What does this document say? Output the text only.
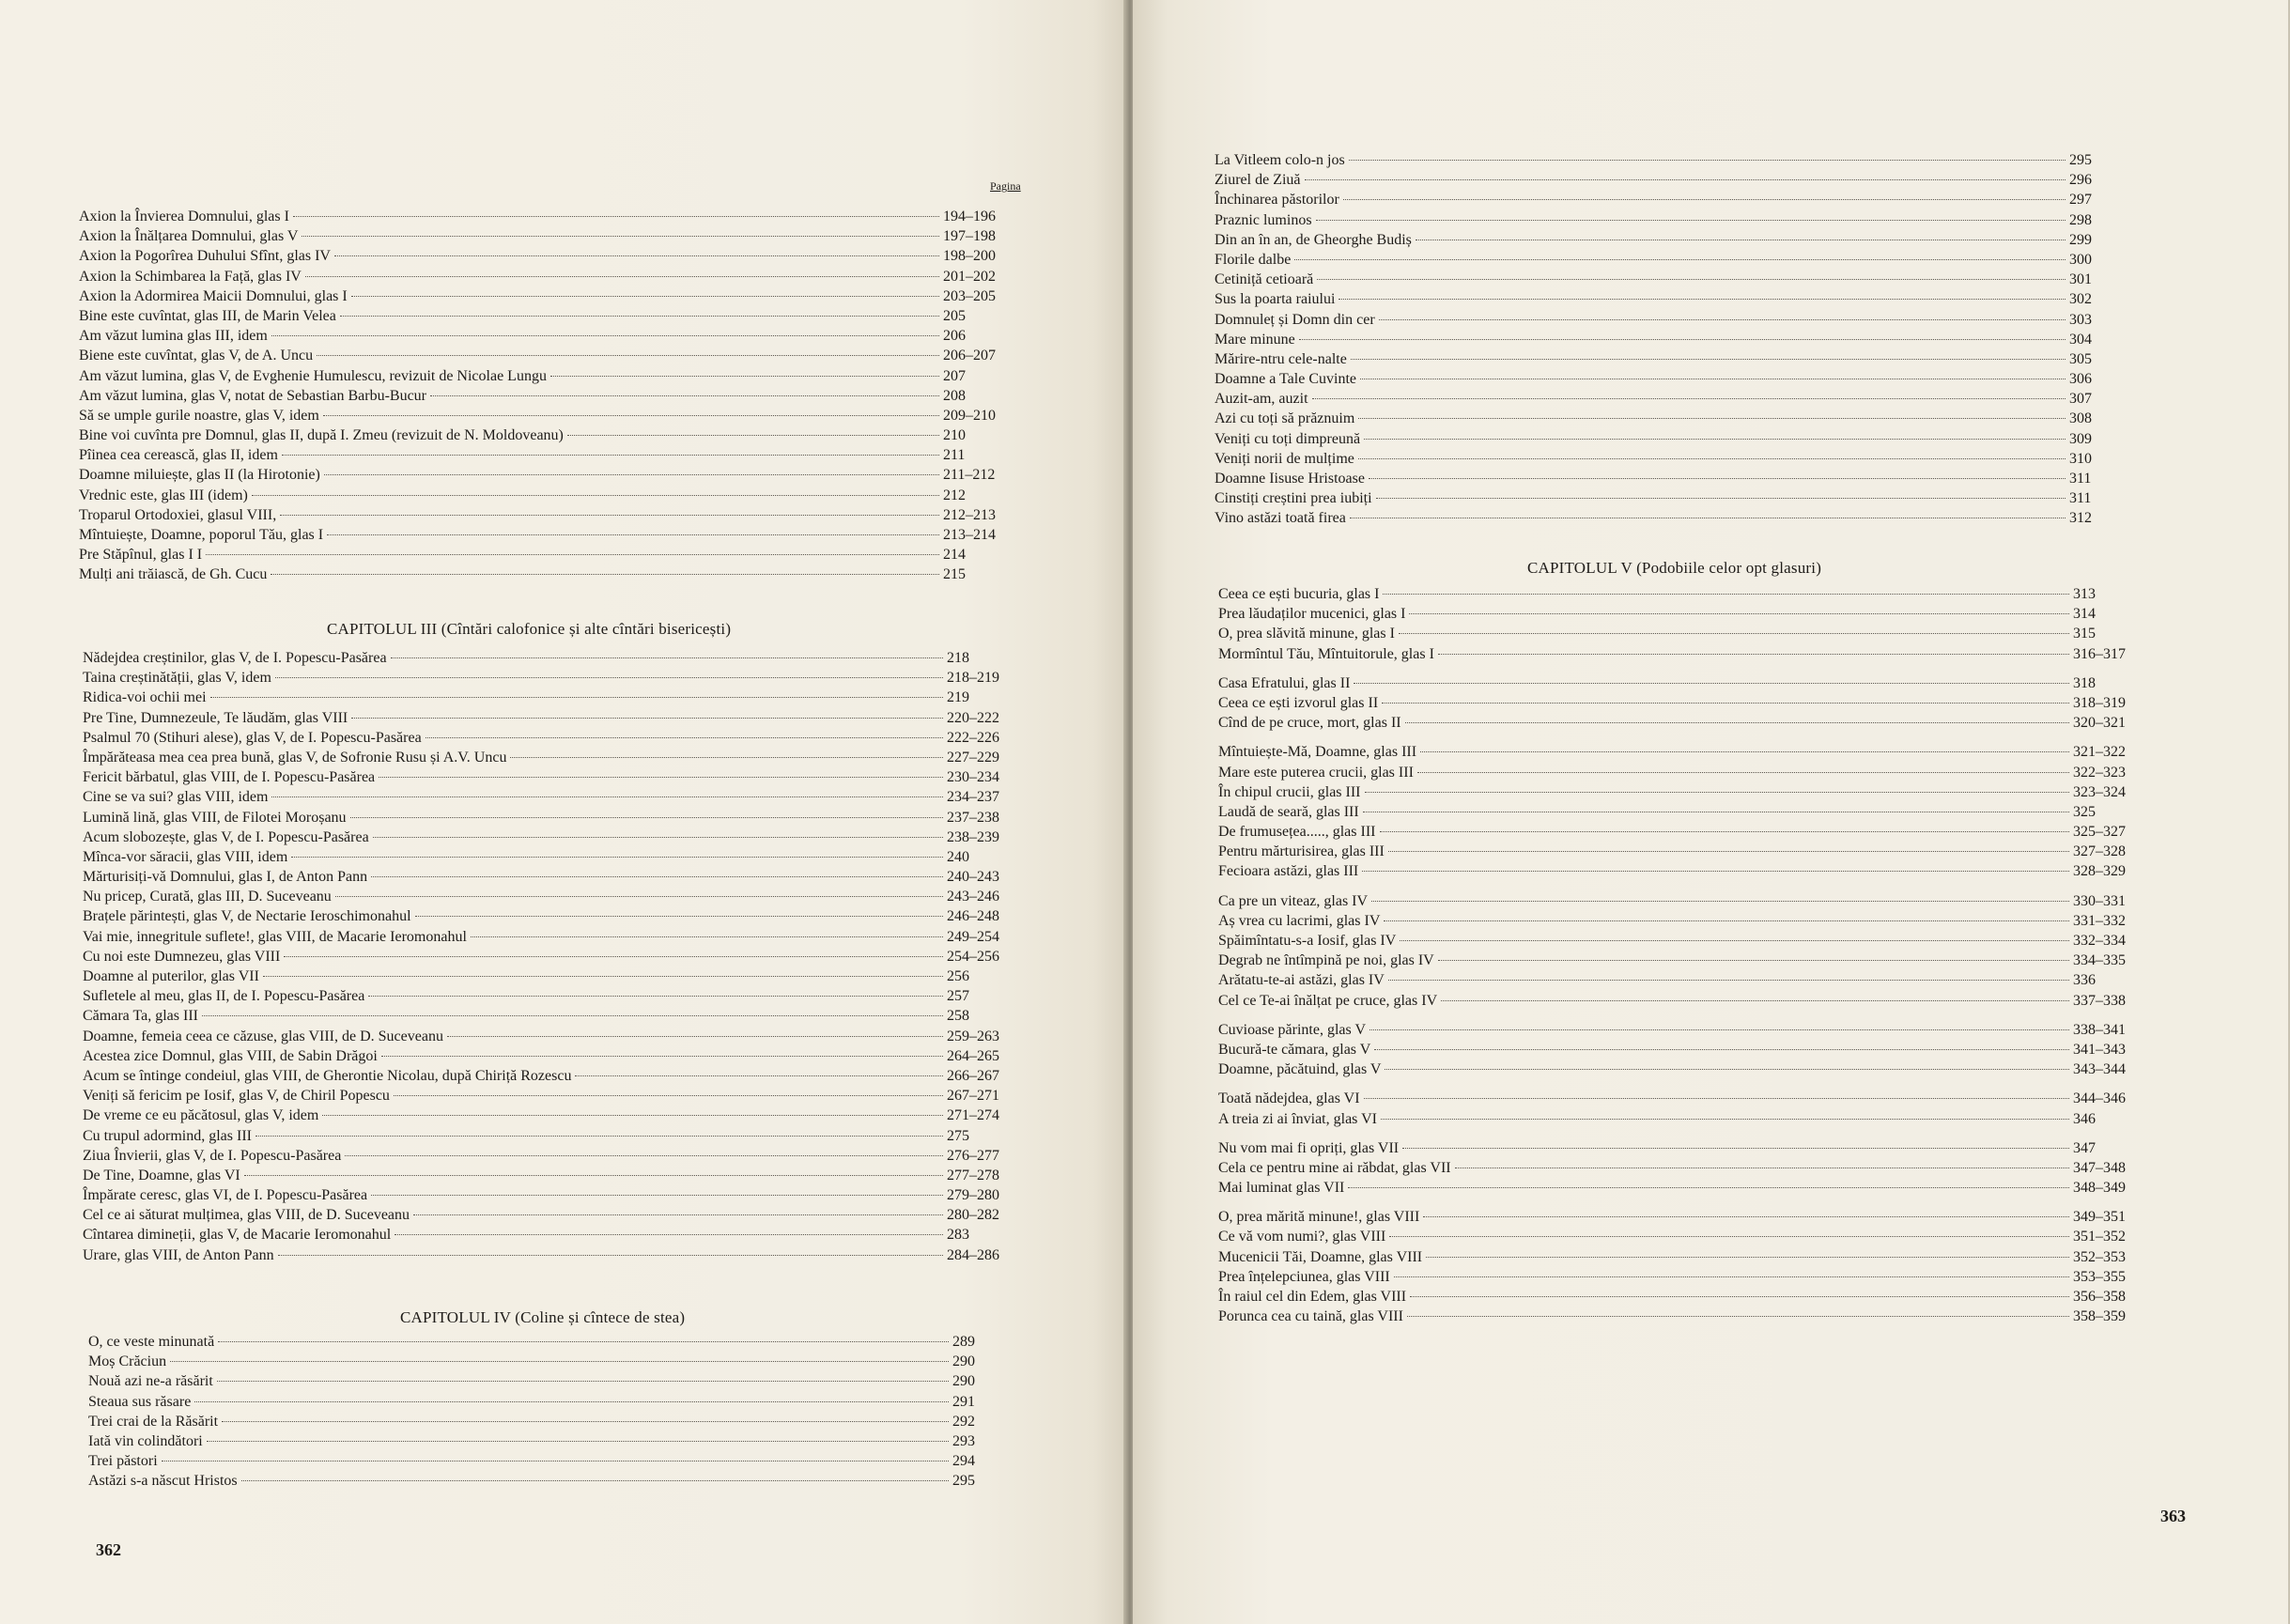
Pagina
Axion la Învierea Domnului, glas I	194–196
Axion la Înălțarea Domnului, glas V	197–198
Axion la Pogorîrea Duhului Sfînt, glas IV	198–200
Axion la Schimbarea la Față, glas IV	201–202
Axion la Adormirea Maicii Domnului, glas I	203–205
Bine este cuvîntat, glas III, de Marin Velea	205
Am văzut lumina glas III, idem	206
Biene este cuvîntat, glas V, de A. Uncu	206–207
Am văzut lumina, glas V, de Evghenie Humulescu, revizuit de Nicolae Lungu	207
Am văzut lumina, glas V, notat de Sebastian Barbu-Bucur	208
Să se umple gurile noastre, glas V, idem	209–210
Bine voi cuvînta pre Domnul, glas II, după I. Zmeu (revizuit de N. Moldoveanu)	210
Pîinea cea cerească, glas II, idem	211
Doamne miluiește, glas II (la Hirotonie)	211–212
Vrednic este, glas III (idem)	212
Troparul Ortodoxiei, glasul VIII,	212–213
Mîntuiește, Doamne, poporul Tău, glas I	213–214
Pre Stăpînul, glas I I	214
Mulți ani trăiască, de Gh. Cucu	215
CAPITOLUL III (Cîntări calofonice și alte cîntări bisericești)
Nădejdea creștinilor, glas V, de I. Popescu-Pasărea	218
Taina creștinătății, glas V, idem	218–219
Ridica-voi ochii mei	219
Pre Tine, Dumnezeule, Te lăudăm, glas VIII	220–222
Psalmul 70 (Stihuri alese), glas V, de I. Popescu-Pasărea	222–226
Împărăteasa mea cea prea bună, glas V, de Sofronie Rusu și A.V. Uncu	227–229
Fericit bărbatul, glas VIII, de I. Popescu-Pasărea	230–234
Cine se va sui? glas VIII, idem	234–237
Lumină lină, glas VIII, de Filotei Moroșanu	237–238
Acum slobozește, glas V, de I. Popescu-Pasărea	238–239
Mînca-vor săracii, glas VIII, idem	240
Mărturisiți-vă Domnului, glas I, de Anton Pann	240–243
Nu pricep, Curată, glas III, D. Suceveanu	243–246
Brațele părintești, glas V, de Nectarie Ieroschimonahul	246–248
Vai mie, innegritule suflete!, glas VIII, de Macarie Ieromonahul	249–254
Cu noi este Dumnezeu, glas VIII	254–256
Doamne al puterilor, glas VII	256
Sufletele al meu, glas II, de I. Popescu-Pasărea	257
Cămara Ta, glas III	258
Doamne, femeia ceea ce căzuse, glas VIII, de D. Suceveanu	259–263
Acestea zice Domnul, glas VIII, de Sabin Drăgoi	264–265
Acum se întinge condeiul, glas VIII, de Gherontie Nicolau, după Chiriță Rozescu	266–267
Veniți să fericim pe Iosif, glas V, de Chiril Popescu	267–271
De vreme ce eu păcătosul, glas V, idem	271–274
Cu trupul adormind, glas III	275
Ziua Învierii, glas V, de I. Popescu-Pasărea	276–277
De Tine, Doamne, glas VI	277–278
Împărate ceresc, glas VI, de I. Popescu-Pasărea	279–280
Cel ce ai săturat mulțimea, glas VIII, de D. Suceveanu	280–282
Cîntarea dimineții, glas V, de Macarie Ieromonahul	283
Urare, glas VIII, de Anton Pann	284–286
CAPITOLUL IV (Coline și cîntece de stea)
O, ce veste minunată	289
Moș Crăciun	290
Nouă azi ne-a răsărit	290
Steaua sus răsare	291
Trei crai de la Răsărit	292
Iată vin colindători	293
Trei păstori	294
Astăzi s-a născut Hristos	295
362
La Vitleem colo-n jos	295
Ziurel de Ziuă	296
Închinarea păstorilor	297
Praznic luminos	298
Din an în an, de Gheorghe Budiș	299
Florile dalbe	300
Cetiniță cetioară	301
Sus la poarta raiului	302
Domnuleț și Domn din cer	303
Mare minune	304
Mărire-ntru cele-nalte	305
Doamne a Tale Cuvinte	306
Auzit-am, auzit	307
Azi cu toți să prăznuim	308
Veniți cu toți dimpreună	309
Veniți norii de mulțime	310
Doamne Iisuse Hristoase	311
Cinstiți creștini prea iubiți	311
Vino astăzi toată firea	312
CAPITOLUL V (Podobiile celor opt glasuri)
Ceea ce ești bucuria, glas I	313
Prea lăudaților mucenici, glas I	314
O, prea slăvită minune, glas I	315
Mormîntul Tău, Mîntuitorule, glas I	316–317
Casa Efratului, glas II	318
Ceea ce ești izvorul glas II	318–319
Cînd de pe cruce, mort, glas II	320–321
Mîntuiește-Mă, Doamne, glas III	321–322
Mare este puterea crucii, glas III	322–323
În chipul crucii, glas III	323–324
Laudă de seară, glas III	325
De frumusețea....., glas III	325–327
Pentru mărturisirea, glas III	327–328
Fecioara astăzi, glas III	328–329
Ca pre un viteaz, glas IV	330–331
Aș vrea cu lacrimi, glas IV	331–332
Spăimîntatu-s-a Iosif, glas IV	332–334
Degrab ne întîmpină pe noi, glas IV	334–335
Arătatu-te-ai astăzi, glas IV	336
Cel ce Te-ai înălțat pe cruce, glas IV	337–338
Cuvioase părinte, glas V	338–341
Bucură-te cămara, glas V	341–343
Doamne, păcătuind, glas V	343–344
Toată nădejdea, glas VI	344–346
A treia zi ai înviat, glas VI	346
Nu vom mai fi opriți, glas VII	347
Cela ce pentru mine ai răbdat, glas VII	347–348
Mai luminat glas VII	348–349
O, prea mărită minune!, glas VIII	349–351
Ce vă vom numi?, glas VIII	351–352
Mucenicii Tăi, Doamne, glas VIII	352–353
Prea înțelepciunea, glas VIII	353–355
În raiul cel din Edem, glas VIII	356–358
Porunca cea cu taină, glas VIII	358–359
363
